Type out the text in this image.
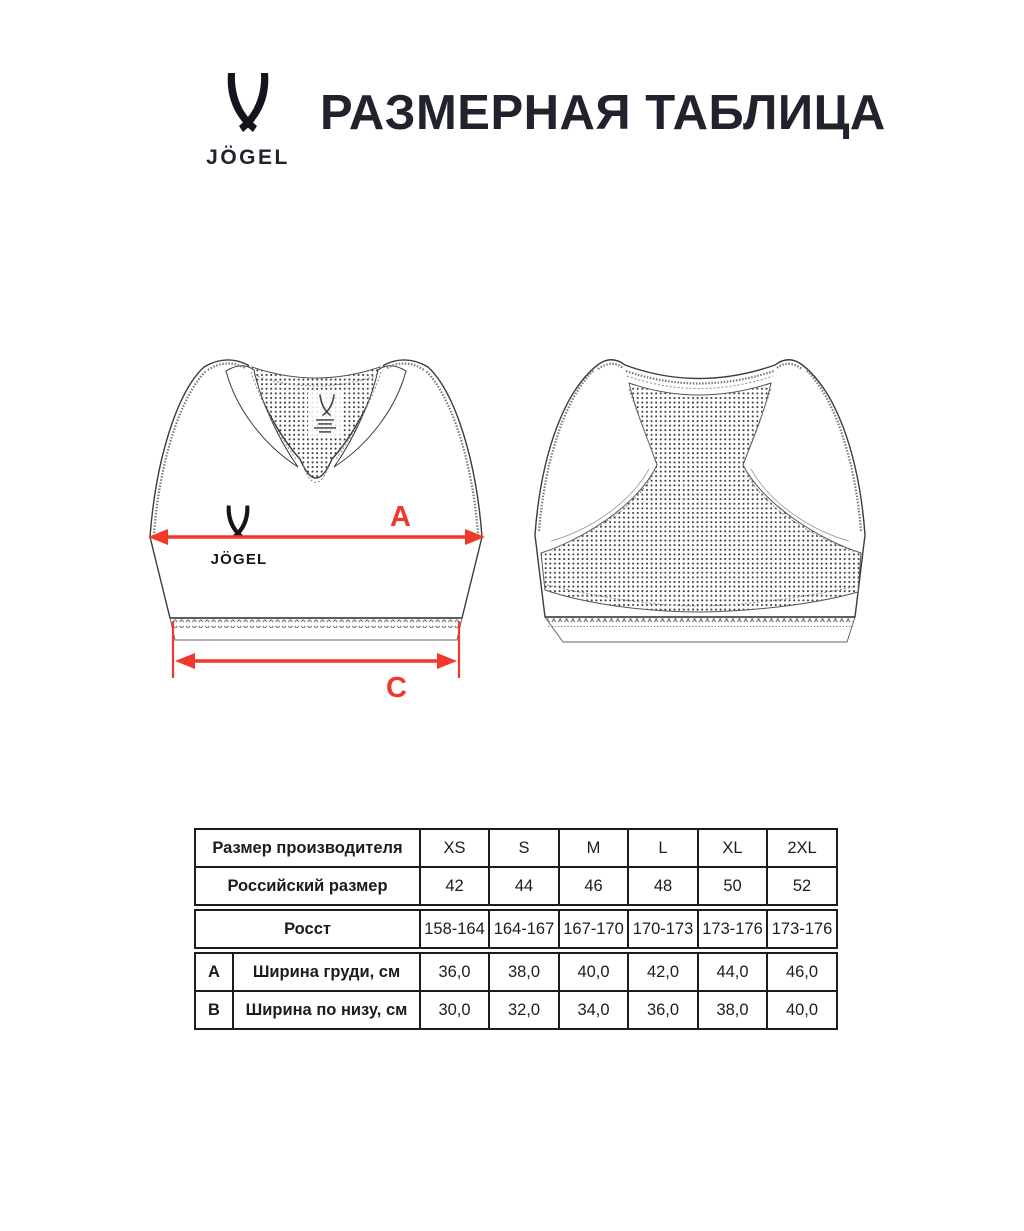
JÖGEL
РАЗМЕРНАЯ ТАБЛИЦА
JÖGEL
A
C
Размер производителя	XS	S	M	L	XL	2XL
Российский размер	42	44	46	48	50	52
Росст	158-164	164-167	167-170	170-173	173-176	173-176
A	Ширина груди, см	36,0	38,0	40,0	42,0	44,0	46,0
B	Ширина по низу, см	30,0	32,0	34,0	36,0	38,0	40,0
